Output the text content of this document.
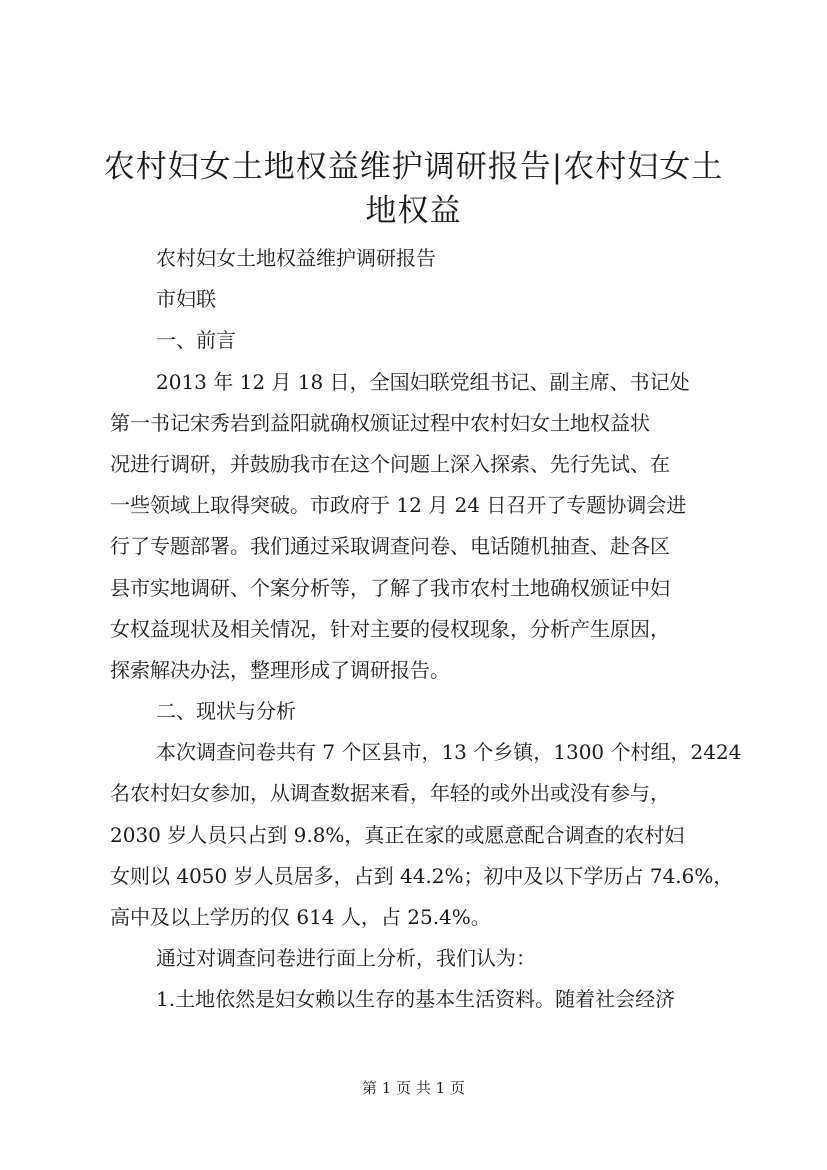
农村妇女土地权益维护调研报告|农村妇女土
地权益
农村妇女土地权益维护调研报告
市妇联
一、前言
2013 年 12 月 18 日，全国妇联党组书记、副主席、书记处
第一书记宋秀岩到益阳就确权颁证过程中农村妇女土地权益状
况进行调研，并鼓励我市在这个问题上深入探索、先行先试、在
一些领域上取得突破。市政府于 12 月 24 日召开了专题协调会进
行了专题部署。我们通过采取调查问卷、电话随机抽查、赴各区
县市实地调研、个案分析等，了解了我市农村土地确权颁证中妇
女权益现状及相关情况，针对主要的侵权现象，分析产生原因，
探索解决办法，整理形成了调研报告。
二、现状与分析
本次调查问卷共有 7 个区县市，13 个乡镇，1300 个村组，2424
名农村妇女参加，从调查数据来看，年轻的或外出或没有参与，
2030 岁人员只占到 9.8%，真正在家的或愿意配合调查的农村妇
女则以 4050 岁人员居多，占到 44.2%；初中及以下学历占 74.6%，
高中及以上学历的仅 614 人，占 25.4%。
通过对调查问卷进行面上分析，我们认为：
1.土地依然是妇女赖以生存的基本生活资料。随着社会经济
第 1 页 共 1 页
